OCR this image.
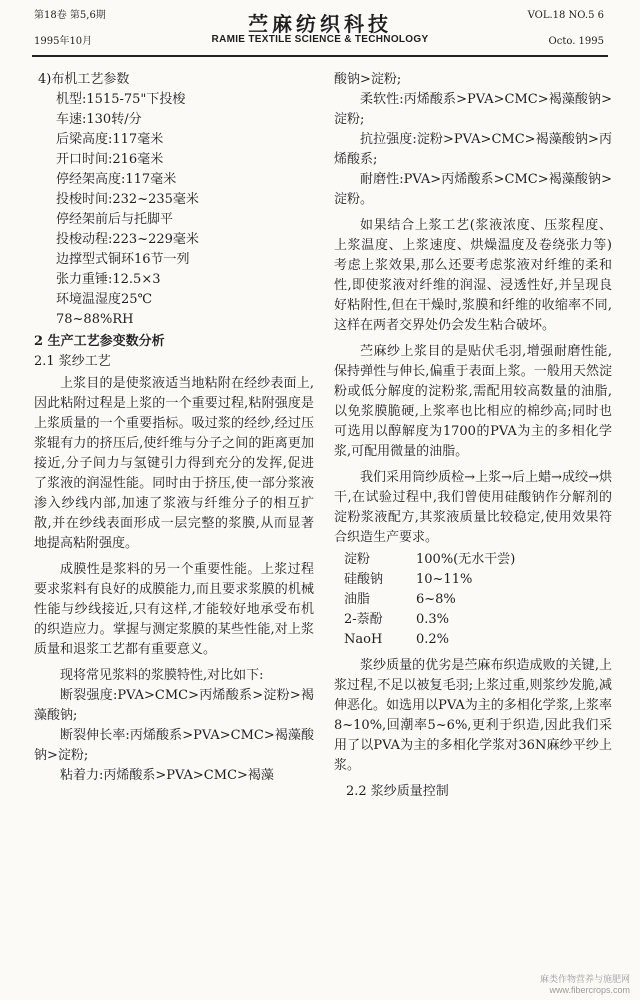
第18卷 第5,6期
1995年10月
苎麻纺织科技
RAMIE TEXTILE SCIENCE & TECHNOLOGY
VOL.18 NO.5 6
Octo. 1995
4)布机工艺参数
机型:1515-75"下投梭
车速:130转/分
后梁高度:117毫米
开口时间:216毫米
停经架高度:117毫米
投梭时间:232~235毫米
停经架前后与托脚平
投梭动程:223~229毫米
边撑型式铜环16节一列
张力重锤:12.5×3
环境温湿度25℃
78~88%RH
2 生产工艺参变数分析
2.1 浆纱工艺

上浆目的是使浆液适当地粘附在经纱表面上,因此粘附过程是上浆的一个重要过程,粘附强度是上浆质量的一个重要指标。吸过浆的经纱,经过压浆辊有力的挤压后,使纤维与分子之间的距离更加接近,分子间力与氢键引力得到充分的发挥,促进了浆液的润湿性能。同时由于挤压,使一部分浆液渗入纱线内部,加速了浆液与纤维分子的相互扩散,并在纱线表面形成一层完整的浆膜,从而显著地提高粘附强度。

成膜性是浆料的另一个重要性能。上浆过程要求浆料有良好的成膜能力,而且要求浆膜的机械性能与纱线接近,只有这样,才能较好地承受布机的织造应力。掌握与测定浆膜的某些性能,对上浆质量和退浆工艺都有重要意义。

现将常见浆料的浆膜特性,对比如下:

断裂强度:PVA>CMC>丙烯酸系>淀粉>褐藻酸钠;

断裂伸长率:丙烯酸系>PVA>CMC>褐藻酸钠>淀粉;

粘着力:丙烯酸系>PVA>CMC>褐藻

酸钠>淀粉;

柔软性:丙烯酸系>PVA>CMC>褐藻酸钠>淀粉;

抗拉强度:淀粉>PVA>CMC>褐藻酸钠>丙烯酸系;

耐磨性:PVA>丙烯酸系>CMC>褐藻酸钠>淀粉。

如果结合上浆工艺(浆液浓度、压浆程度、上浆温度、上浆速度、烘燥温度及卷绕张力等)考虑上浆效果,那么还要考虑浆液对纤维的柔和性,即使浆液对纤维的润湿、浸透性好,并呈现良好粘附性,但在干燥时,浆膜和纤维的收缩率不同,这样在两者交界处仍会发生粘合破坏。

苎麻纱上浆目的是贴伏毛羽,增强耐磨性能,保持弹性与伸长,偏重于表面上浆。一般用天然淀粉或低分解度的淀粉浆,需配用较高数量的油脂,以免浆膜脆硬,上浆率也比相应的棉纱高;同时也可选用以醇解度为1700的PVA为主的多相化学浆,可配用微量的油脂。

我们采用筒纱质检→上浆→后上蜡→成绞→烘干,在试验过程中,我们曾使用硅酸钠作分解剂的淀粉浆液配方,其浆液质量比较稳定,使用效果符合织造生产要求。

淀粉	100%(无水干尝)
硅酸钠	10~11%
油脂	6~8%
2-萘酚	0.3%
NaoH	0.2%

浆纱质量的优劣是苎麻布织造成败的关键,上浆过程,不足以被复毛羽;上浆过重,则浆纱发脆,减伸恶化。如选用以PVA为主的多相化学浆,上浆率8~10%,回潮率5~6%,更利于织造,因此我们采用了以PVA为主的多相化学浆对36N麻纱平纱上浆。

2.2 浆纱质量控制
麻类作物营养与施肥网
www.fibercrops.com
